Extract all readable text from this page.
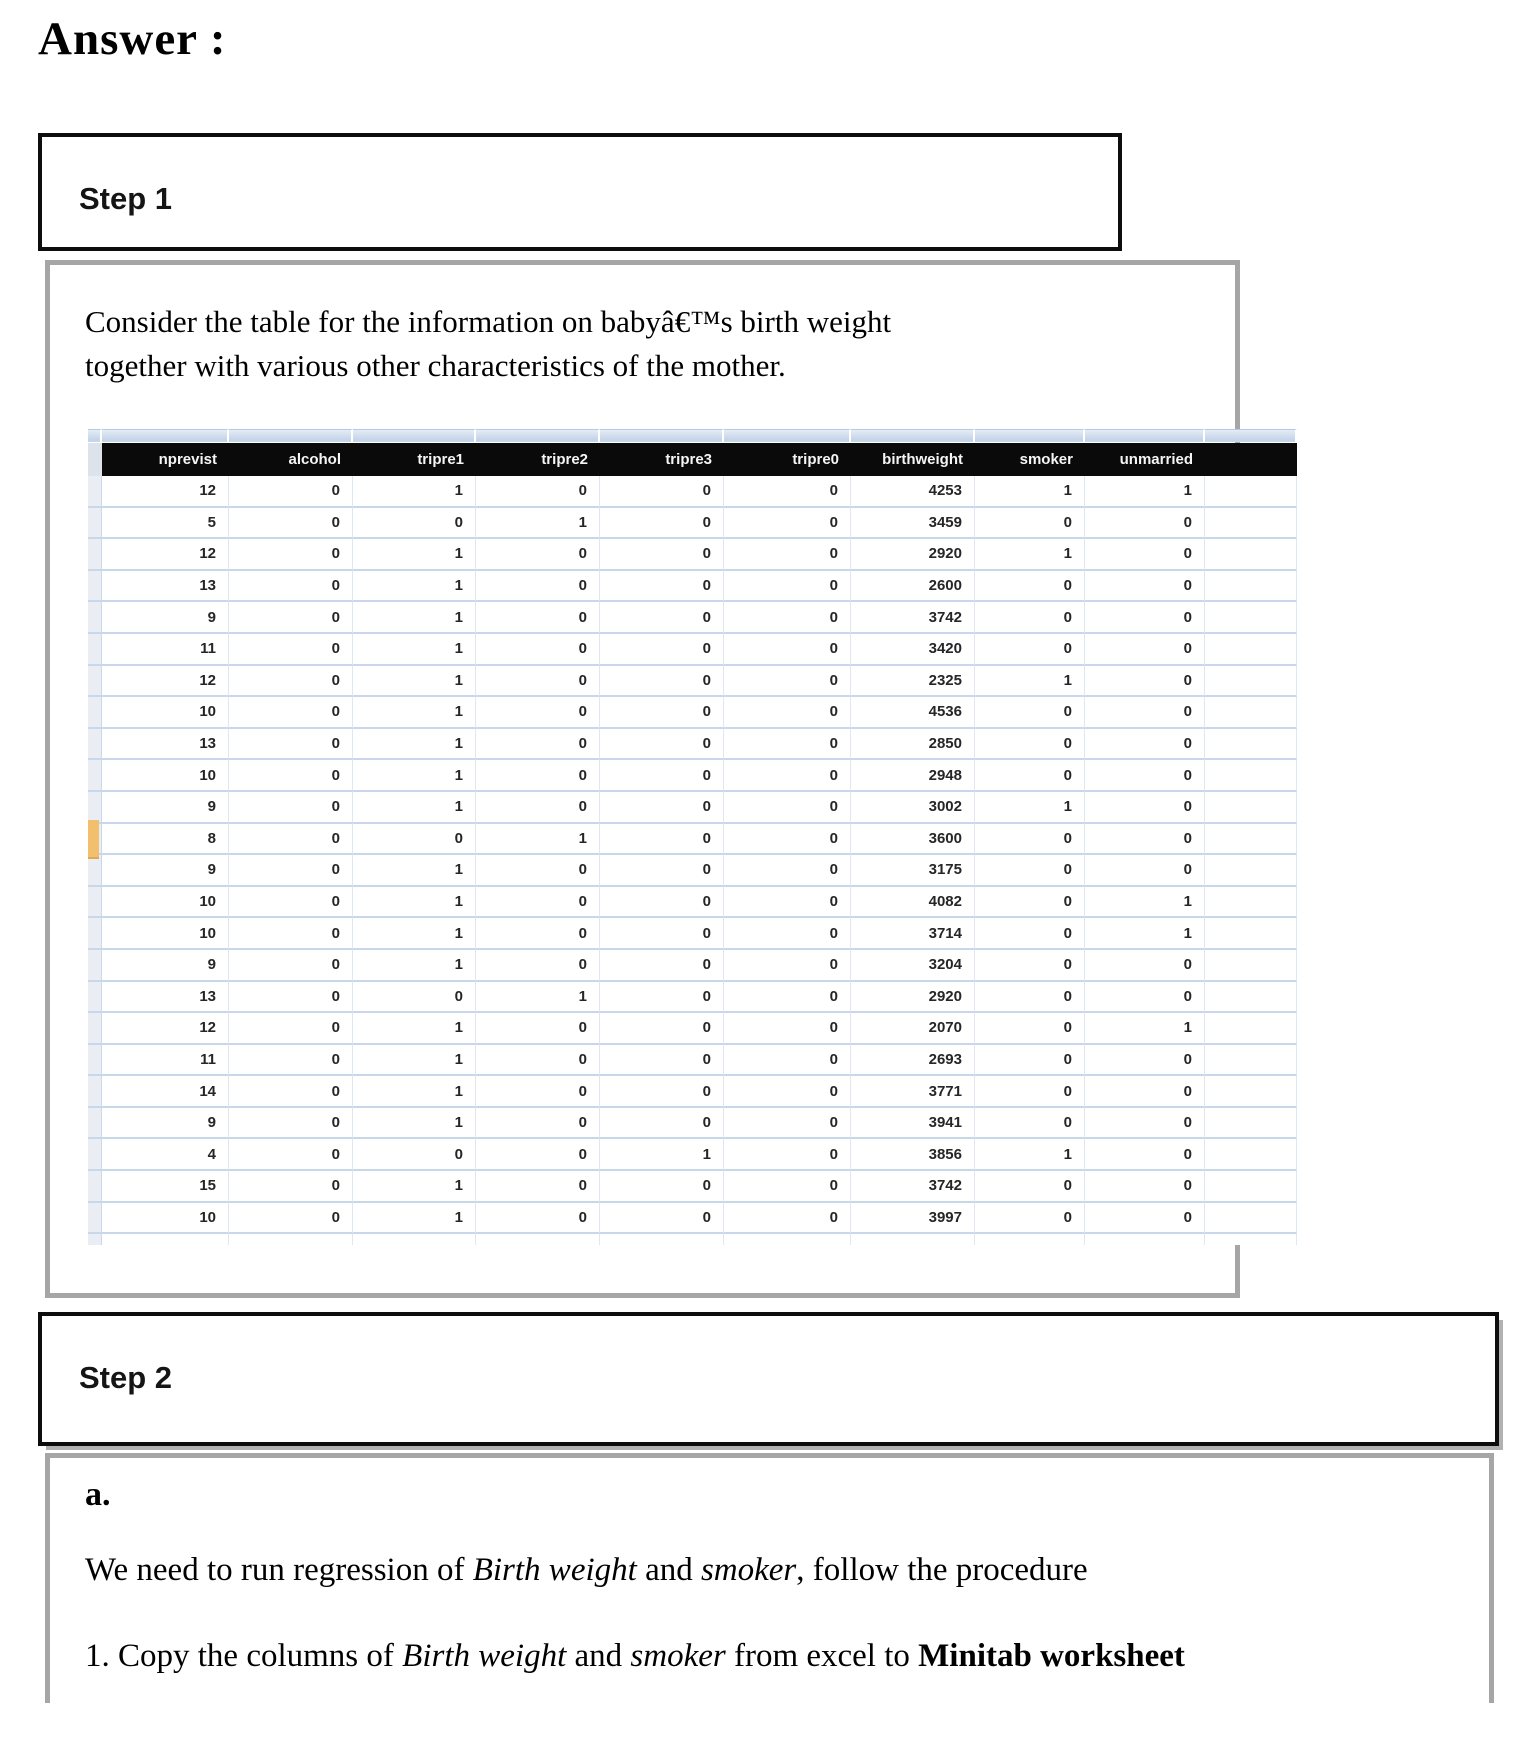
Answer :
Step 1
Consider the table for the information on babyâ€™s birth weight
together with various other characteristics of the mother.
	nprevist	alcohol	tripre1	tripre2	tripre3	tripre0	birthweight	smoker	unmarried	
	12	0	1	0	0	0	4253	1	1	
	5	0	0	1	0	0	3459	0	0	
	12	0	1	0	0	0	2920	1	0	
	13	0	1	0	0	0	2600	0	0	
	9	0	1	0	0	0	3742	0	0	
	11	0	1	0	0	0	3420	0	0	
	12	0	1	0	0	0	2325	1	0	
	10	0	1	0	0	0	4536	0	0	
	13	0	1	0	0	0	2850	0	0	
	10	0	1	0	0	0	2948	0	0	
	9	0	1	0	0	0	3002	1	0	
	8	0	0	1	0	0	3600	0	0	
	9	0	1	0	0	0	3175	0	0	
	10	0	1	0	0	0	4082	0	1	
	10	0	1	0	0	0	3714	0	1	
	9	0	1	0	0	0	3204	0	0	
	13	0	0	1	0	0	2920	0	0	
	12	0	1	0	0	0	2070	0	1	
	11	0	1	0	0	0	2693	0	0	
	14	0	1	0	0	0	3771	0	0	
	9	0	1	0	0	0	3941	0	0	
	4	0	0	0	1	0	3856	1	0	
	15	0	1	0	0	0	3742	0	0	
	10	0	1	0	0	0	3997	0	0	

Step 2
a.
We need to run regression of Birth weight and smoker, follow the procedure
1. Copy the columns of Birth weight and smoker from excel to Minitab worksheet
